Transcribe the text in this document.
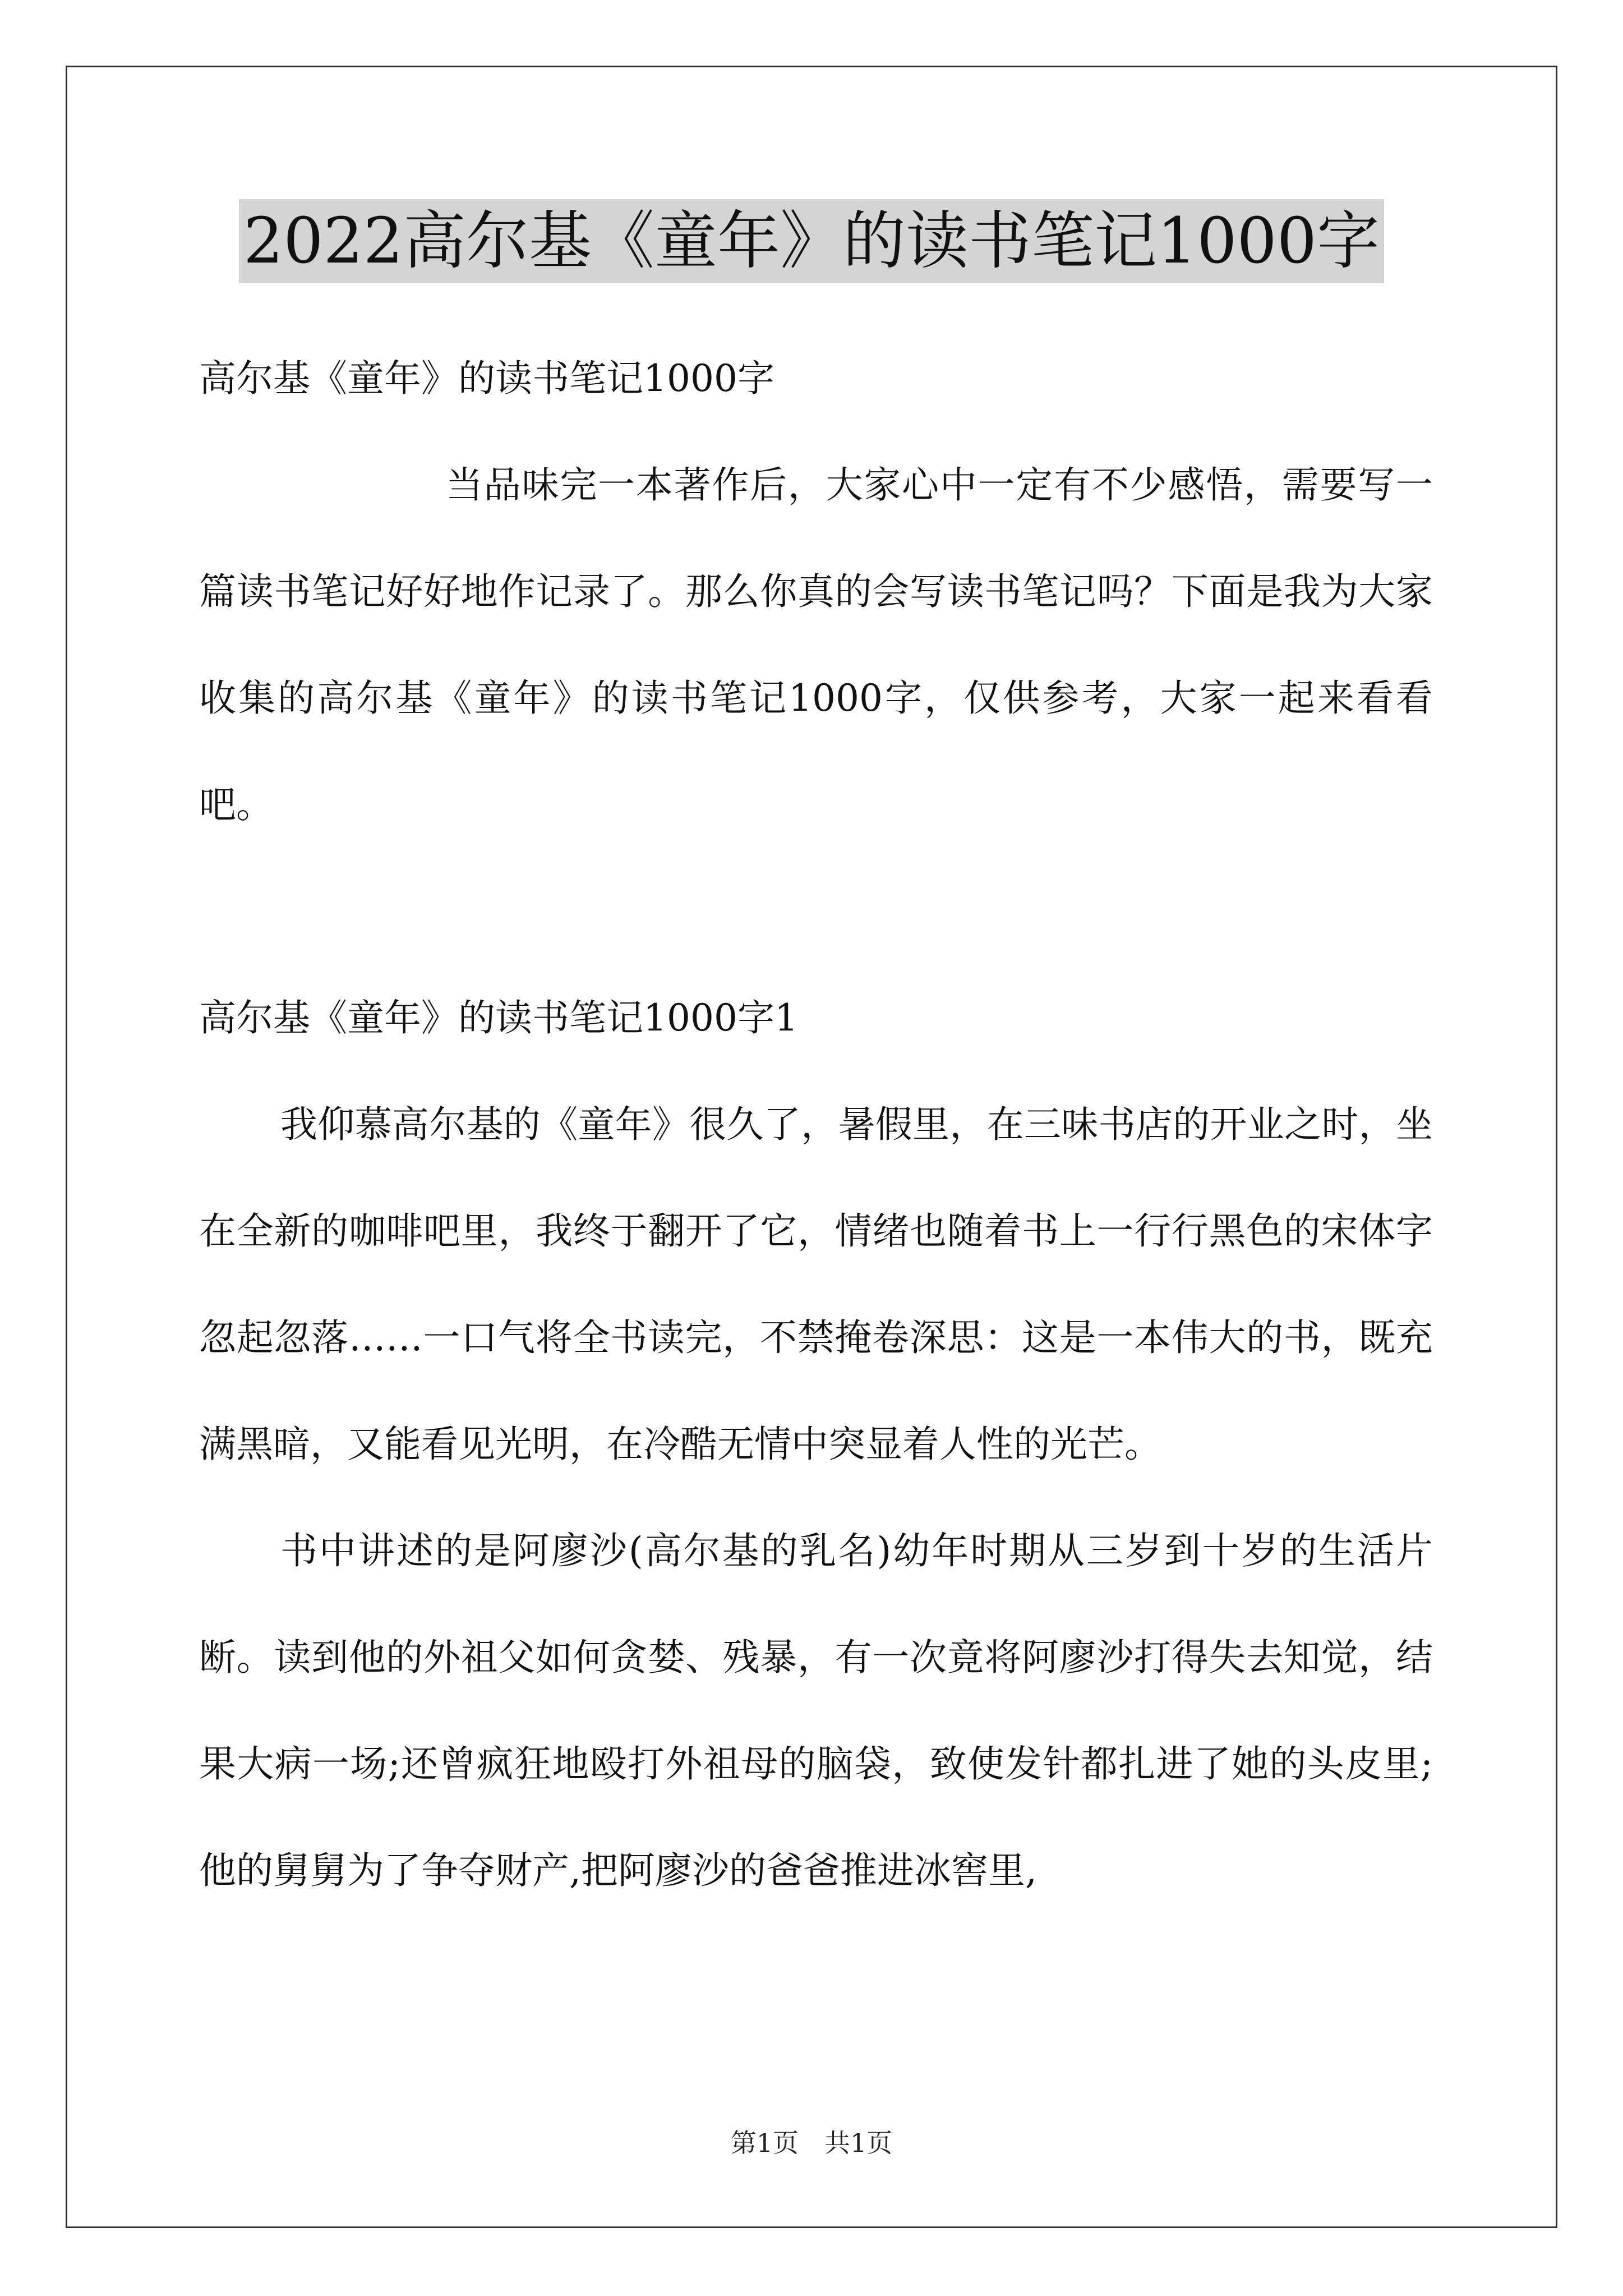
2022高尔基《童年》的读书笔记1000字

高尔基《童年》的读书笔记1000字

当品味完一本著作后，大家心中一定有不少感悟，需要写一篇读书笔记好好地作记录了。那么你真的会写读书笔记吗？下面是我为大家收集的高尔基《童年》的读书笔记1000字，仅供参考，大家一起来看看吧。

高尔基《童年》的读书笔记1000字1

我仰慕高尔基的《童年》很久了，暑假里，在三味书店的开业之时，坐在全新的咖啡吧里，我终于翻开了它，情绪也随着书上一行行黑色的宋体字忽起忽落……一口气将全书读完，不禁掩卷深思：这是一本伟大的书，既充满黑暗，又能看见光明，在冷酷无情中突显着人性的光芒。

书中讲述的是阿廖沙(高尔基的乳名)幼年时期从三岁到十岁的生活片断。读到他的外祖父如何贪婪、残暴，有一次竟将阿廖沙打得失去知觉，结果大病一场;还曾疯狂地殴打外祖母的脑袋，致使发针都扎进了她的头皮里;他的舅舅为了争夺财产,把阿廖沙的爸爸推进冰窖里,

第1页　共1页
